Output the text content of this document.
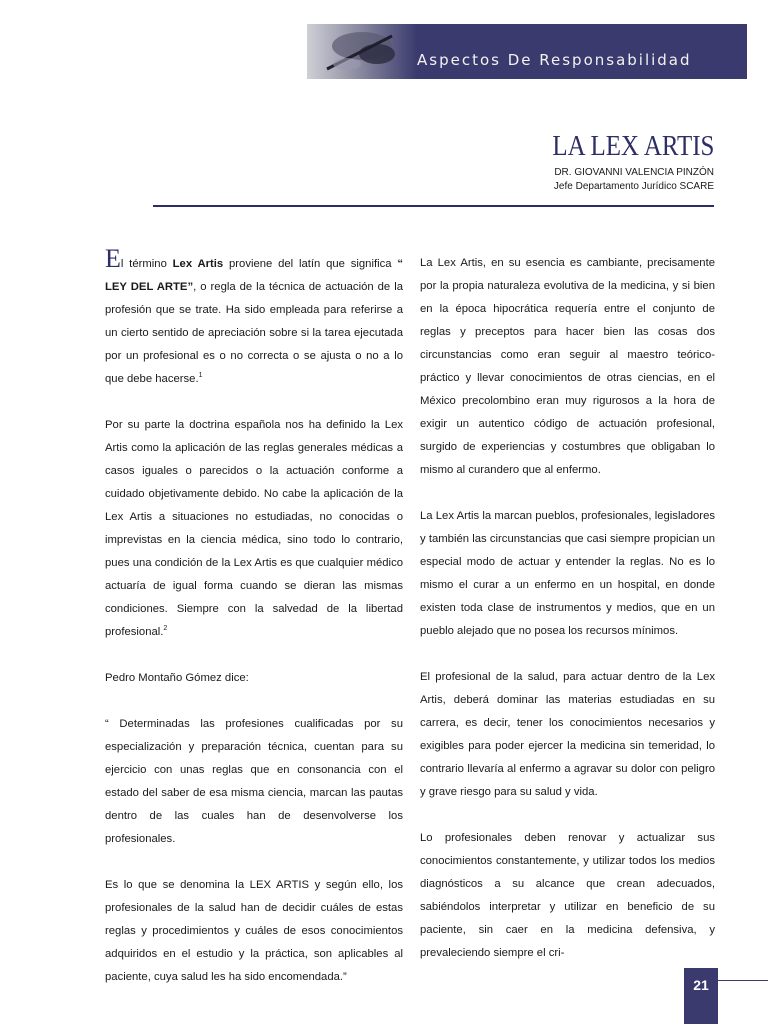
Aspectos De Responsabilidad
LA LEX ARTIS
DR. GIOVANNI VALENCIA PINZÓN
Jefe Departamento Jurídico SCARE

El término Lex Artis proviene del latín que significa “ LEY DEL ARTE”, o regla de la técnica de actuación de la profesión que se trate. Ha sido empleada para referirse a un cierto sentido de apreciación sobre si la tarea ejecutada por un profesional es o no correcta o se ajusta o no a lo que debe hacerse.$^1$

Por su parte la doctrina española nos ha definido la Lex Artis como la aplicación de las reglas generales médicas a casos iguales o parecidos o la actuación conforme a cuidado objetivamente debido. No cabe la aplicación de la Lex Artis a situaciones no estudiadas, no conocidas o imprevistas en la ciencia médica, sino todo lo contrario, pues una condición de la Lex Artis es que cualquier médico actuaría de igual forma cuando se dieran las mismas condiciones. Siempre con la salvedad de la libertad profesional.$^2$

Pedro Montaño Gómez dice:

“ Determinadas las profesiones cualificadas por su especialización y preparación técnica, cuentan para su ejercicio con unas reglas que en consonancia con el estado del saber de esa misma ciencia, marcan las pautas dentro de las cuales han de desenvolverse los profesionales.

Es lo que se denomina la LEX ARTIS y según ello, los profesionales de la salud han de decidir cuáles de estas reglas y procedimientos y cuáles de esos conocimientos adquiridos en el estudio y la práctica, son aplicables al paciente, cuya salud les ha sido encomendada.”

La Lex Artis, en su esencia es cambiante, precisamente por la propia naturaleza evolutiva de la medicina, y si bien en la época hipocrática requería entre el conjunto de reglas y preceptos para hacer bien las cosas dos circunstancias como eran seguir al maestro teórico-práctico y llevar conocimientos de otras ciencias, en el México precolombino eran muy rigurosos a la hora de exigir un autentico código de actuación profesional, surgido de experiencias y costumbres que obligaban lo mismo al curandero que al enfermo.

La Lex Artis la marcan pueblos, profesionales, legisladores y también las circunstancias que casi siempre propician un especial modo de actuar y entender la reglas. No es lo mismo el curar a un enfermo en un hospital, en donde existen toda clase de instrumentos y medios, que en un pueblo alejado que no posea los recursos mínimos.

El profesional de la salud, para actuar dentro de la Lex Artis, deberá dominar las materias estudiadas en su carrera, es decir, tener los conocimientos necesarios y exigibles para poder ejercer la medicina sin temeridad, lo contrario llevaría al enfermo a agravar su dolor con peligro y grave riesgo para su salud y vida.

Lo profesionales deben renovar y actualizar sus conocimientos constantemente, y utilizar todos los medios diagnósticos a su alcance que crean adecuados, sabiéndolos interpretar y utilizar en beneficio de su paciente, sin caer en la medicina defensiva, y prevaleciendo siempre el cri-

21
